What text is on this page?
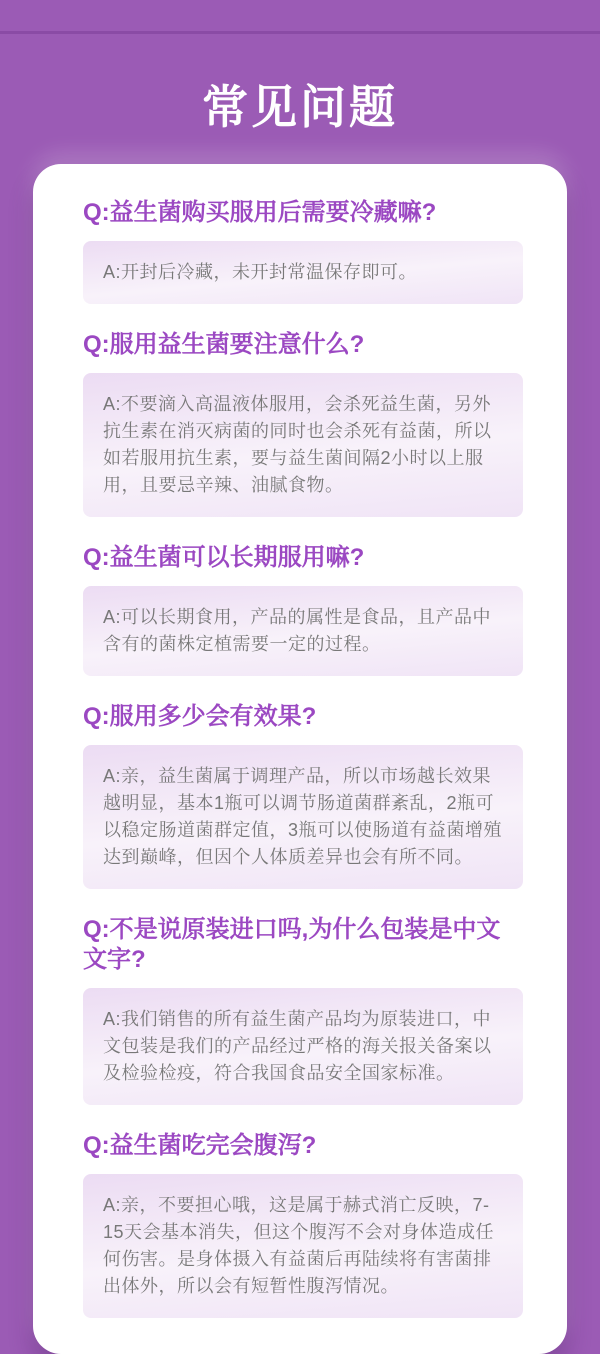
常见问题
Q:益生菌购买服用后需要冷藏嘛?

A:开封后冷藏，未开封常温保存即可。

Q:服用益生菌要注意什么?

A:不要滴入高温液体服用，会杀死益生菌，另外抗生素在消灭病菌的同时也会杀死有益菌，所以如若服用抗生素，要与益生菌间隔2小时以上服用，且要忌辛辣、油腻食物。

Q:益生菌可以长期服用嘛?

A:可以长期食用，产品的属性是食品，且产品中含有的菌株定植需要一定的过程。

Q:服用多少会有效果?

A:亲，益生菌属于调理产品，所以市场越长效果越明显，基本1瓶可以调节肠道菌群紊乱，2瓶可以稳定肠道菌群定值，3瓶可以使肠道有益菌增殖达到巅峰，但因个人体质差异也会有所不同。

Q:不是说原装进口吗,为什么包装是中文文字?

A:我们销售的所有益生菌产品均为原装进口，中文包装是我们的产品经过严格的海关报关备案以及检验检疫，符合我国食品安全国家标准。

Q:益生菌吃完会腹泻?

A:亲，不要担心哦，这是属于赫式消亡反映，7-15天会基本消失，但这个腹泻不会对身体造成任何伤害。是身体摄入有益菌后再陆续将有害菌排出体外，所以会有短暂性腹泻情况。
